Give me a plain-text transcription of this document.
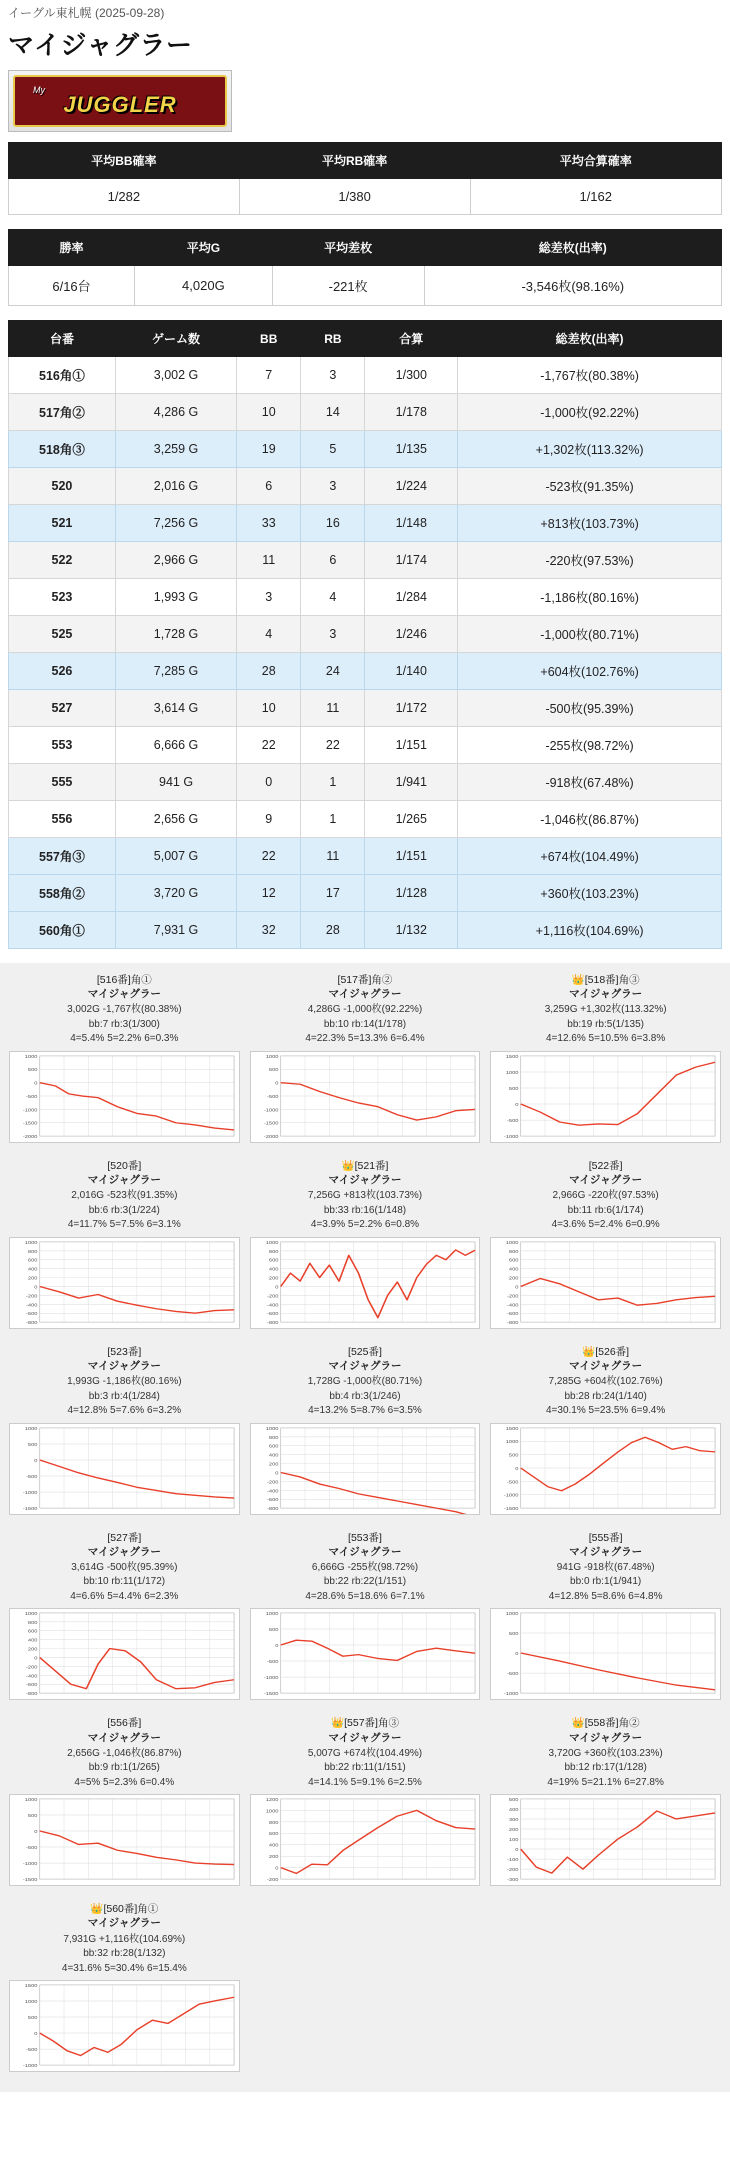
イーグル東札幌 (2025-09-28)
マイジャグラー
My
JUGGLER
平均BB確率	平均RB確率	平均合算確率
1/282	1/380	1/162
勝率	平均G	平均差枚	総差枚(出率)
6/16台	4,020G	-221枚	-3,546枚(98.16%)
台番	ゲーム数	BB	RB	合算	総差枚(出率)
516角①	3,002 G	7	3	1/300	-1,767枚(80.38%)
517角②	4,286 G	10	14	1/178	-1,000枚(92.22%)
518角③	3,259 G	19	5	1/135	+1,302枚(113.32%)
520	2,016 G	6	3	1/224	-523枚(91.35%)
521	7,256 G	33	16	1/148	+813枚(103.73%)
522	2,966 G	11	6	1/174	-220枚(97.53%)
523	1,993 G	3	4	1/284	-1,186枚(80.16%)
525	1,728 G	4	3	1/246	-1,000枚(80.71%)
526	7,285 G	28	24	1/140	+604枚(102.76%)
527	3,614 G	10	11	1/172	-500枚(95.39%)
553	6,666 G	22	22	1/151	-255枚(98.72%)
555	941 G	0	1	1/941	-918枚(67.48%)
556	2,656 G	9	1	1/265	-1,046枚(86.87%)
557角③	5,007 G	22	11	1/151	+674枚(104.49%)
558角②	3,720 G	12	17	1/128	+360枚(103.23%)
560角①	7,931 G	32	28	1/132	+1,116枚(104.69%)
[516番]角①
マイジャグラー
3,002G -1,767枚(80.38%)
bb:7 rb:3(1/300)
4=5.4% 5=2.2% 6=0.3%
1000
500
0
-500
-1000
-1500
-2000
[517番]角②
マイジャグラー
4,286G -1,000枚(92.22%)
bb:10 rb:14(1/178)
4=22.3% 5=13.3% 6=6.4%
1000
500
0
-500
-1000
-1500
-2000
👑[518番]角③
マイジャグラー
3,259G +1,302枚(113.32%)
bb:19 rb:5(1/135)
4=12.6% 5=10.5% 6=3.8%
1500
1000
500
0
-500
-1000
[520番]
マイジャグラー
2,016G -523枚(91.35%)
bb:6 rb:3(1/224)
4=11.7% 5=7.5% 6=3.1%
1000
800
600
400
200
0
-200
-400
-600
-800
👑[521番]
マイジャグラー
7,256G +813枚(103.73%)
bb:33 rb:16(1/148)
4=3.9% 5=2.2% 6=0.8%
1000
800
600
400
200
0
-200
-400
-600
-800
[522番]
マイジャグラー
2,966G -220枚(97.53%)
bb:11 rb:6(1/174)
4=3.6% 5=2.4% 6=0.9%
1000
800
600
400
200
0
-200
-400
-600
-800
[523番]
マイジャグラー
1,993G -1,186枚(80.16%)
bb:3 rb:4(1/284)
4=12.8% 5=7.6% 6=3.2%
1000
500
0
-500
-1000
-1500
[525番]
マイジャグラー
1,728G -1,000枚(80.71%)
bb:4 rb:3(1/246)
4=13.2% 5=8.7% 6=3.5%
1000
800
600
400
200
0
-200
-400
-600
-800
👑[526番]
マイジャグラー
7,285G +604枚(102.76%)
bb:28 rb:24(1/140)
4=30.1% 5=23.5% 6=9.4%
1500
1000
500
0
-500
-1000
-1500
[527番]
マイジャグラー
3,614G -500枚(95.39%)
bb:10 rb:11(1/172)
4=6.6% 5=4.4% 6=2.3%
1000
800
600
400
200
0
-200
-400
-600
-800
[553番]
マイジャグラー
6,666G -255枚(98.72%)
bb:22 rb:22(1/151)
4=28.6% 5=18.6% 6=7.1%
1000
500
0
-500
-1000
-1500
[555番]
マイジャグラー
941G -918枚(67.48%)
bb:0 rb:1(1/941)
4=12.8% 5=8.6% 6=4.8%
1000
500
0
-500
-1000
[556番]
マイジャグラー
2,656G -1,046枚(86.87%)
bb:9 rb:1(1/265)
4=5% 5=2.3% 6=0.4%
1000
500
0
-500
-1000
-1500
👑[557番]角③
マイジャグラー
5,007G +674枚(104.49%)
bb:22 rb:11(1/151)
4=14.1% 5=9.1% 6=2.5%
1200
1000
800
600
400
200
0
-200
👑[558番]角②
マイジャグラー
3,720G +360枚(103.23%)
bb:12 rb:17(1/128)
4=19% 5=21.1% 6=27.8%
500
400
300
200
100
0
-100
-200
-300
👑[560番]角①
マイジャグラー
7,931G +1,116枚(104.69%)
bb:32 rb:28(1/132)
4=31.6% 5=30.4% 6=15.4%
1500
1000
500
0
-500
-1000
